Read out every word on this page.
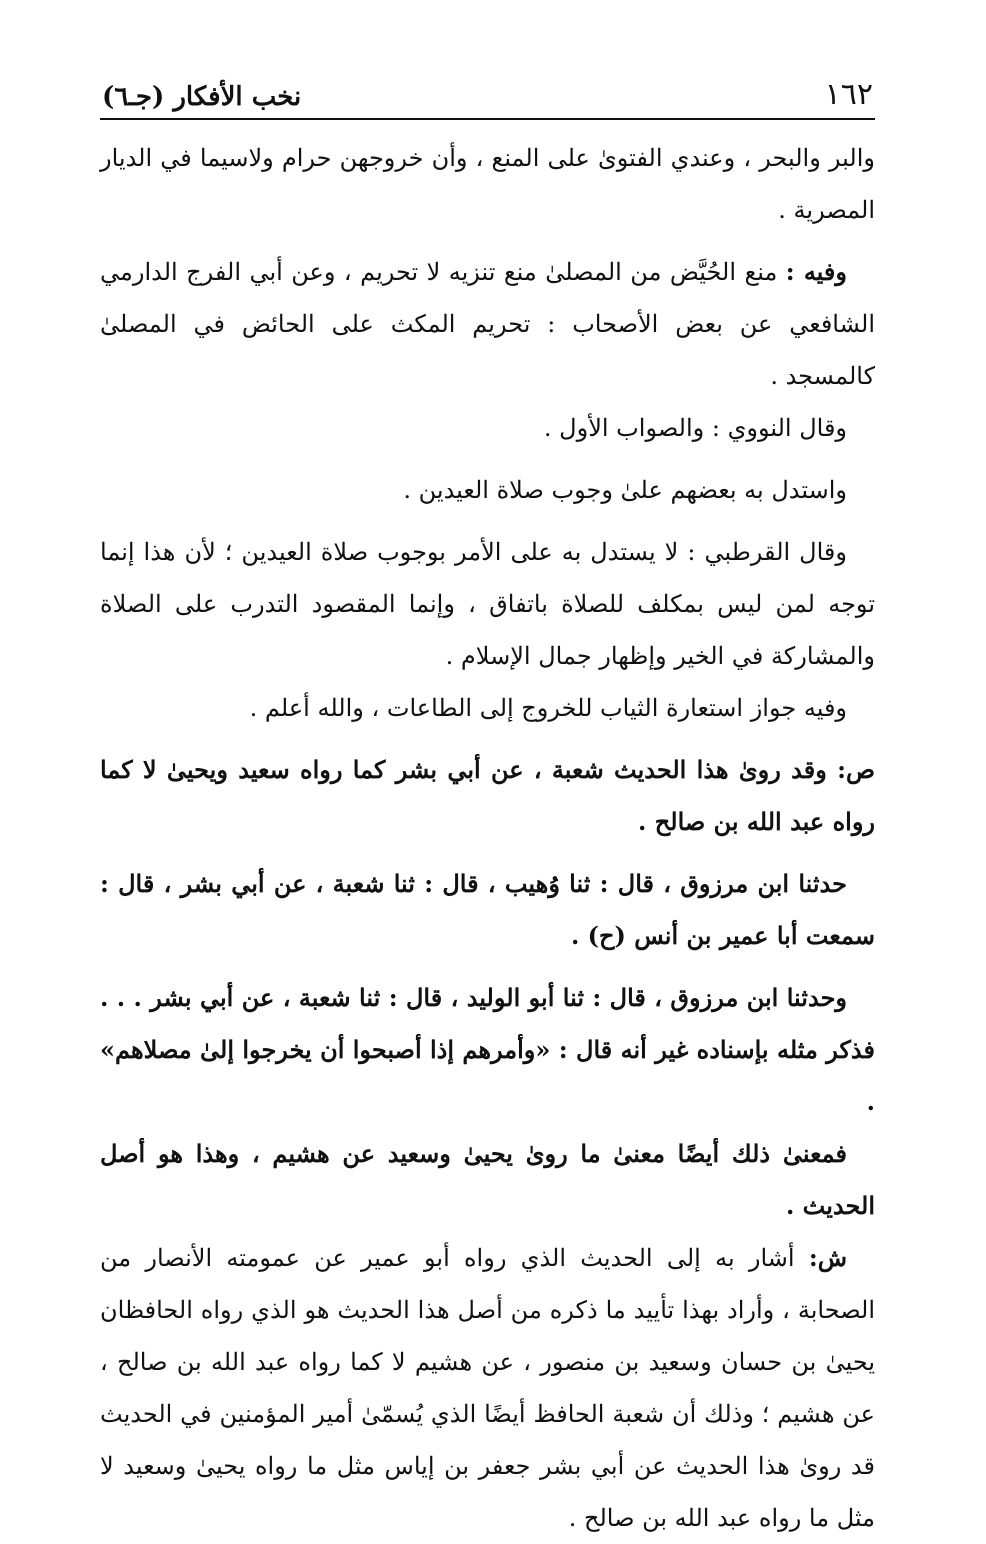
١٦٢
نخب الأفكار (جـ٦)

والبر والبحر ، وعندي الفتوىٰ على المنع ، وأن خروجهن حرام ولاسيما في الديار المصرية .

وفيه : منع الحُيَّض من المصلىٰ منع تنزيه لا تحريم ، وعن أبي الفرج الدارمي الشافعي عن بعض الأصحاب : تحريم المكث على الحائض في المصلىٰ كالمسجد .

وقال النووي : والصواب الأول .

واستدل به بعضهم علىٰ وجوب صلاة العيدين .

وقال القرطبي : لا يستدل به على الأمر بوجوب صلاة العيدين ؛ لأن هذا إنما توجه لمن ليس بمكلف للصلاة باتفاق ، وإنما المقصود التدرب على الصلاة والمشاركة في الخير وإظهار جمال الإسلام .

وفيه جواز استعارة الثياب للخروج إلى الطاعات ، والله أعلم .

ص: وقد روىٰ هذا الحديث شعبة ، عن أبي بشر كما رواه سعيد ويحيىٰ لا كما رواه عبد الله بن صالح .

حدثنا ابن مرزوق ، قال : ثنا وُهيب ، قال : ثنا شعبة ، عن أبي بشر ، قال : سمعت أبا عمير بن أنس (ح) .

وحدثنا ابن مرزوق ، قال : ثنا أبو الوليد ، قال : ثنا شعبة ، عن أبي بشر . . . فذكر مثله بإسناده غير أنه قال : «وأمرهم إذا أصبحوا أن يخرجوا إلىٰ مصلاهم» .

فمعنىٰ ذلك أيضًا معنىٰ ما روىٰ يحيىٰ وسعيد عن هشيم ، وهذا هو أصل الحديث .

ش: أشار به إلى الحديث الذي رواه أبو عمير عن عمومته الأنصار من الصحابة ، وأراد بهذا تأييد ما ذكره من أصل هذا الحديث هو الذي رواه الحافظان يحيىٰ بن حسان وسعيد بن منصور ، عن هشيم لا كما رواه عبد الله بن صالح ، عن هشيم ؛ وذلك أن شعبة الحافظ أيضًا الذي يُسمّىٰ أمير المؤمنين في الحديث قد روىٰ هذا الحديث عن أبي بشر جعفر بن إياس مثل ما رواه يحيىٰ وسعيد لا مثل ما رواه عبد الله بن صالح .
